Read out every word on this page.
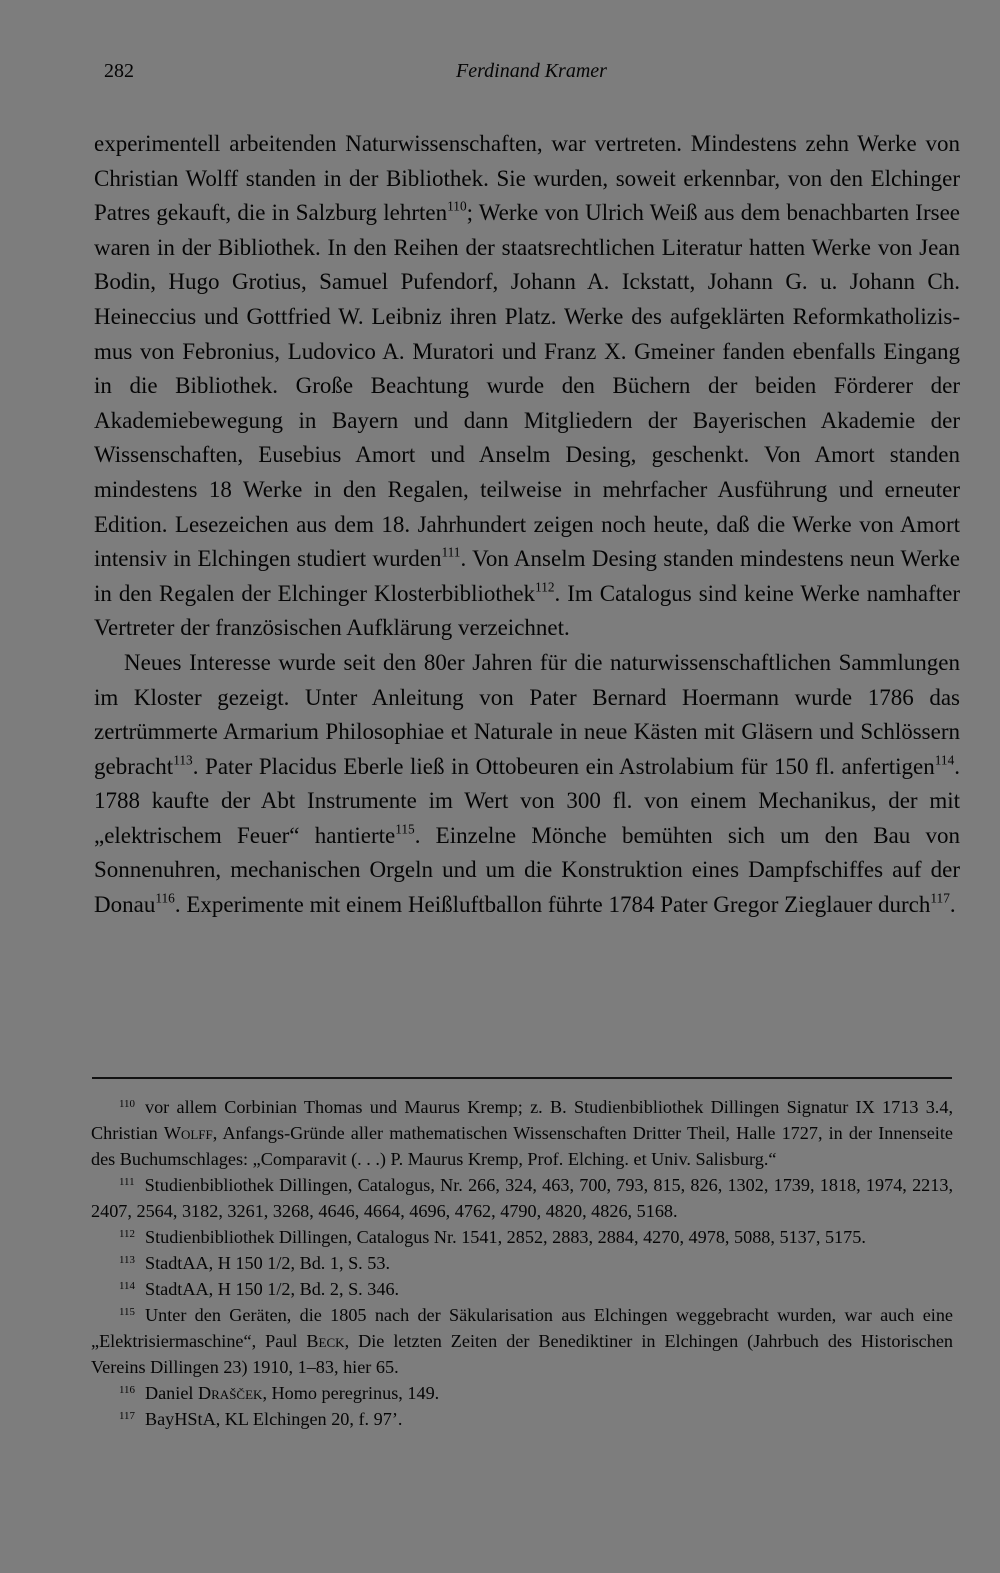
282	Ferdinand Kramer

experimentell arbeitenden Naturwissenschaften, war vertreten. Mindestens zehn Werke von Christian Wolff standen in der Bibliothek. Sie wurden, soweit erkennbar, von den Elchinger Patres gekauft, die in Salzburg lehrten$^{110}$; Werke von Ulrich Weiß aus dem benachbarten Irsee waren in der Bibliothek. In den Reihen der staatsrechtlichen Literatur hatten Werke von Jean Bodin, Hugo Grotius, Samuel Pufendorf, Johann A. Ickstatt, Johann G. u. Johann Ch. Heineccius und Gottfried W. Leibniz ihren Platz. Werke des aufgeklärten Reformkatholizismus von Febronius, Ludovico A. Muratori und Franz X. Gmeiner fanden ebenfalls Eingang in die Bibliothek. Große Beachtung wurde den Büchern der beiden Förderer der Akademiebewegung in Bayern und dann Mitgliedern der Bayerischen Akademie der Wissenschaften, Eusebius Amort und Anselm Desing, geschenkt. Von Amort standen mindestens 18 Werke in den Regalen, teilweise in mehrfacher Ausführung und erneuter Edition. Lesezeichen aus dem 18. Jahrhundert zeigen noch heute, daß die Werke von Amort intensiv in Elchingen studiert wurden$^{111}$. Von Anselm Desing standen mindestens neun Werke in den Regalen der Elchinger Klosterbibliothek$^{112}$. Im Catalogus sind keine Werke namhafter Vertreter der französischen Aufklärung verzeichnet.

Neues Interesse wurde seit den 80er Jahren für die naturwissenschaftlichen Sammlungen im Kloster gezeigt. Unter Anleitung von Pater Bernard Hoermann wurde 1786 das zertrümmerte Armarium Philosophiae et Naturale in neue Kästen mit Gläsern und Schlössern gebracht$^{113}$. Pater Placidus Eberle ließ in Ottobeuren ein Astrolabium für 150 fl. anfertigen$^{114}$. 1788 kaufte der Abt Instrumente im Wert von 300 fl. von einem Mechanikus, der mit „elektrischem Feuer“ hantierte$^{115}$. Einzelne Mönche bemühten sich um den Bau von Sonnenuhren, mechanischen Orgeln und um die Konstruktion eines Dampfschiffes auf der Donau$^{116}$. Experimente mit einem Heißluftballon führte 1784 Pater Gregor Zieglauer durch$^{117}$.

$^{110}$ vor allem Corbinian Thomas und Maurus Kremp; z. B. Studienbibliothek Dillingen Signatur IX 1713 3.4, Christian Wolff, Anfangs-Gründe aller mathematischen Wissenschaften Dritter Theil, Halle 1727, in der Innenseite des Buchumschlages: „Comparavit (. . .) P. Maurus Kremp, Prof. Elching. et Univ. Salisburg.“

$^{111}$ Studienbibliothek Dillingen, Catalogus, Nr. 266, 324, 463, 700, 793, 815, 826, 1302, 1739, 1818, 1974, 2213, 2407, 2564, 3182, 3261, 3268, 4646, 4664, 4696, 4762, 4790, 4820, 4826, 5168.

$^{112}$ Studienbibliothek Dillingen, Catalogus Nr. 1541, 2852, 2883, 2884, 4270, 4978, 5088, 5137, 5175.

$^{113}$ StadtAA, H 150 1/2, Bd. 1, S. 53.

$^{114}$ StadtAA, H 150 1/2, Bd. 2, S. 346.

$^{115}$ Unter den Geräten, die 1805 nach der Säkularisation aus Elchingen weggebracht wurden, war auch eine „Elektrisiermaschine“, Paul Beck, Die letzten Zeiten der Benediktiner in Elchingen (Jahrbuch des Historischen Vereins Dillingen 23) 1910, 1–83, hier 65.

$^{116}$ Daniel Drašček, Homo peregrinus, 149.

$^{117}$ BayHStA, KL Elchingen 20, f. 97’.
